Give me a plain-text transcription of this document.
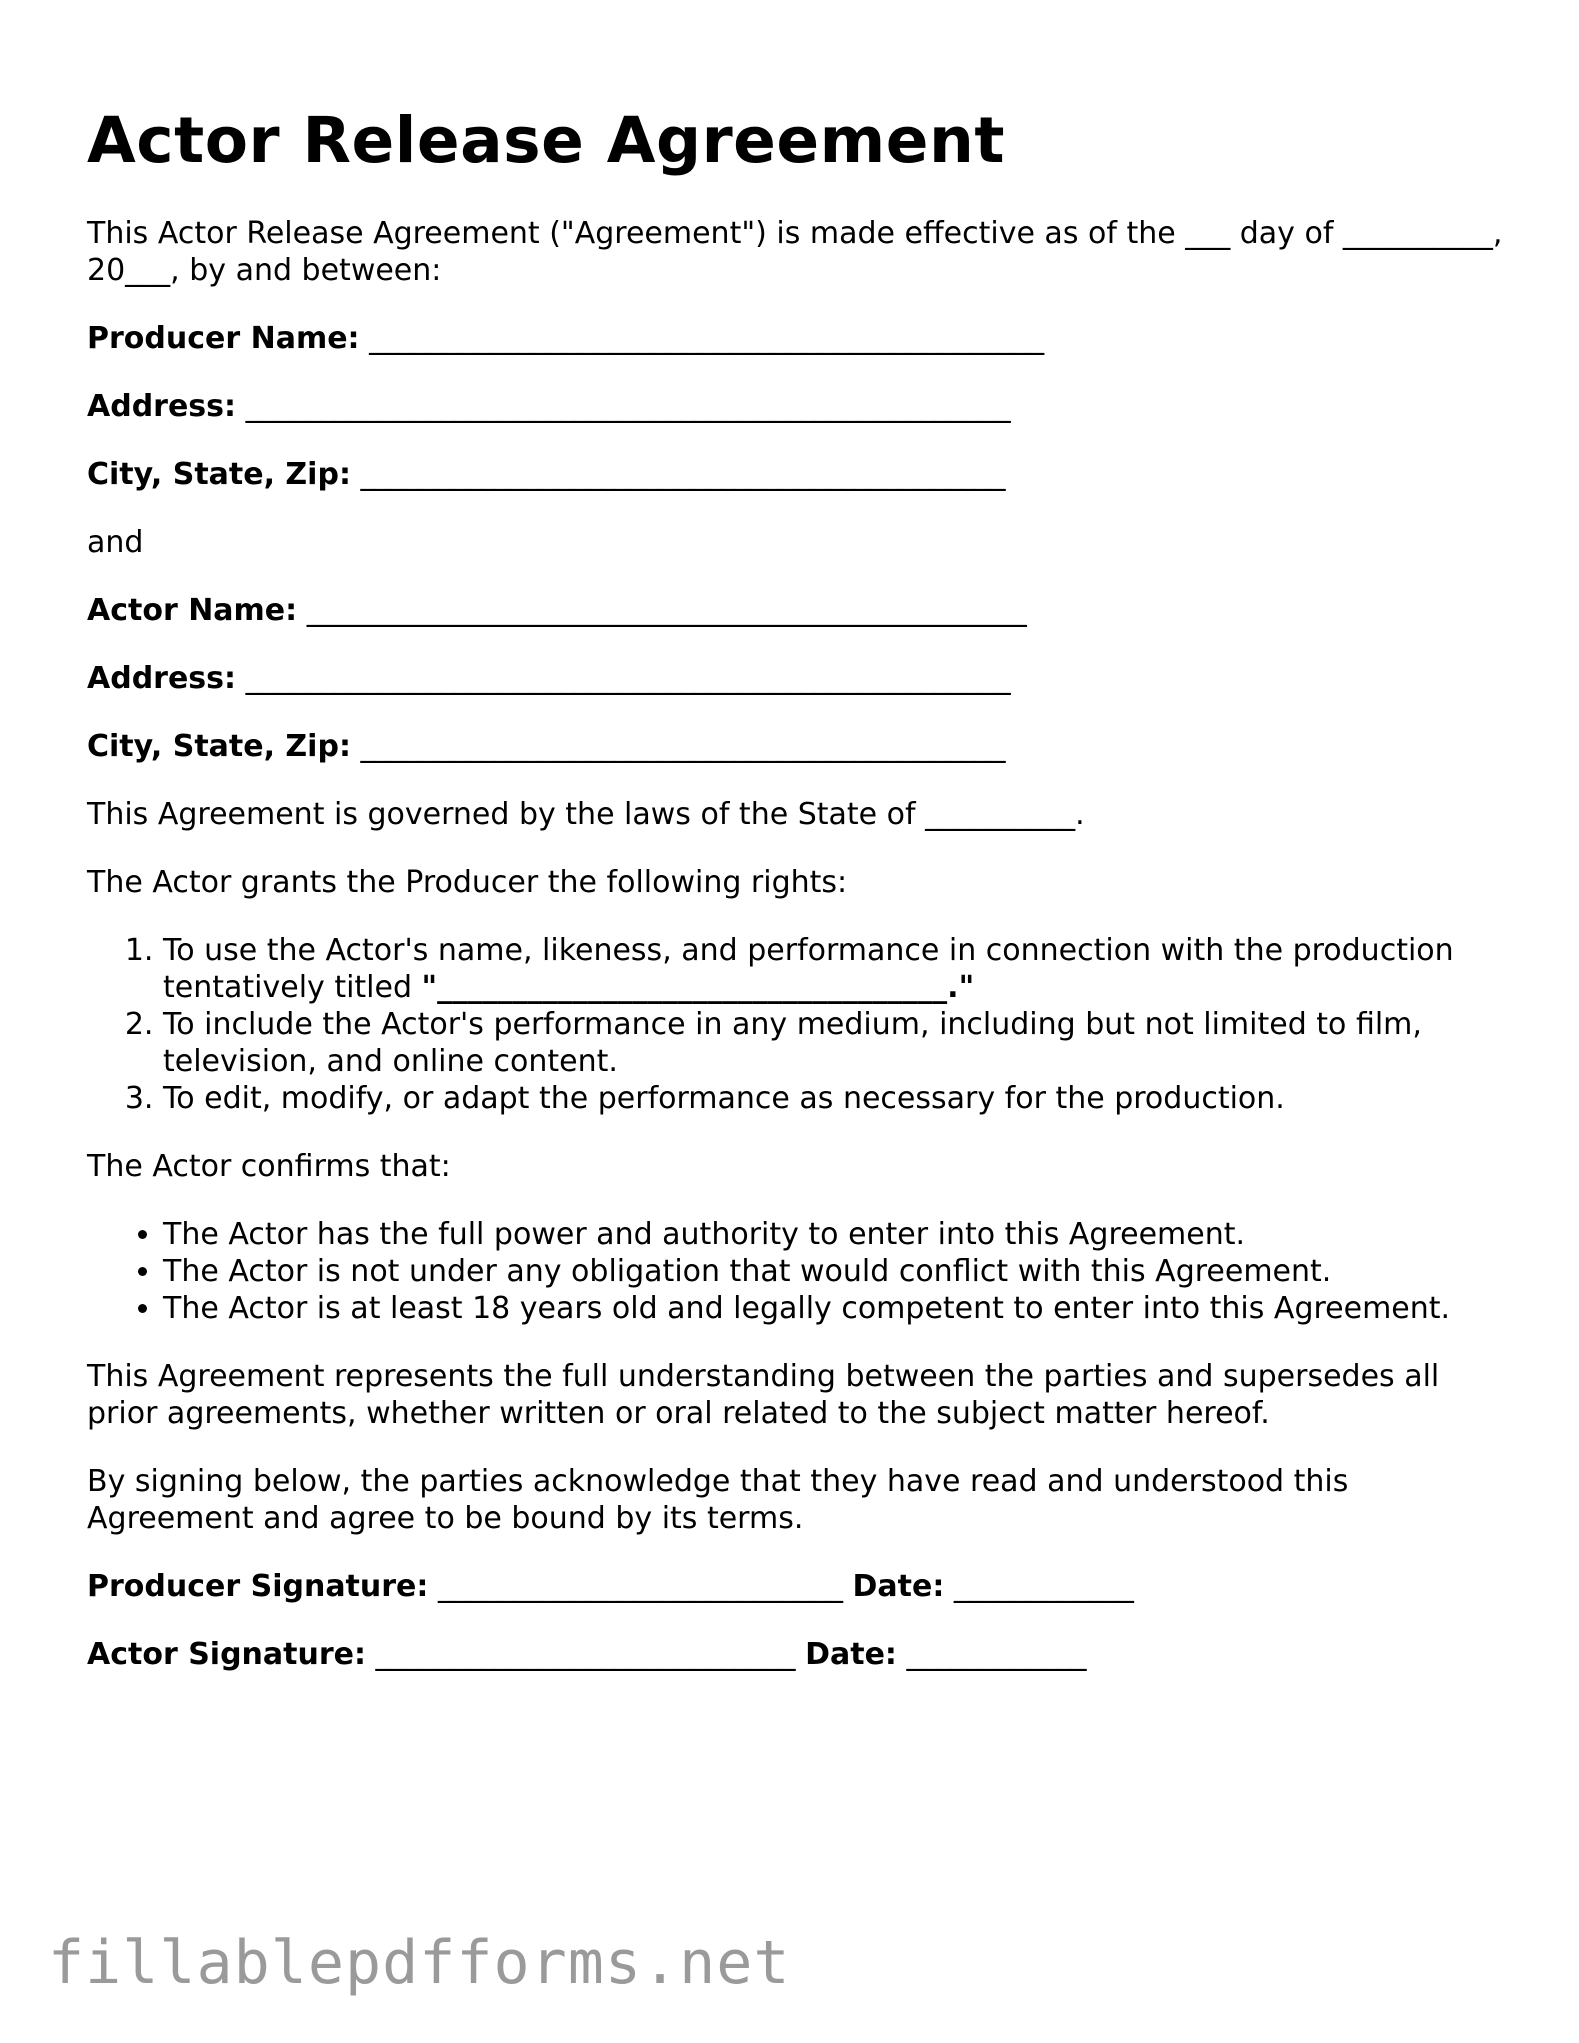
Actor Release Agreement

This Actor Release Agreement ("Agreement") is made effective as of the ___ day of __________, 20___, by and between:

Producer Name: _____________________________________________
Address: ___________________________________________________
City, State, Zip: ___________________________________________

and

Actor Name: ________________________________________________
Address: ___________________________________________________
City, State, Zip: ___________________________________________

This Agreement is governed by the laws of the State of __________.

The Actor grants the Producer the following rights:

1. To use the Actor's name, likeness, and performance in connection with the production tentatively titled "__________________________________."
2. To include the Actor's performance in any medium, including but not limited to film, television, and online content.
3. To edit, modify, or adapt the performance as necessary for the production.

The Actor confirms that:

• The Actor has the full power and authority to enter into this Agreement.
• The Actor is not under any obligation that would conflict with this Agreement.
• The Actor is at least 18 years old and legally competent to enter into this Agreement.

This Agreement represents the full understanding between the parties and supersedes all prior agreements, whether written or oral related to the subject matter hereof.

By signing below, the parties acknowledge that they have read and understood this Agreement and agree to be bound by its terms.

Producer Signature: ___________________________ Date: ____________
Actor Signature: ____________________________ Date: ____________
fillablepdfforms.net
